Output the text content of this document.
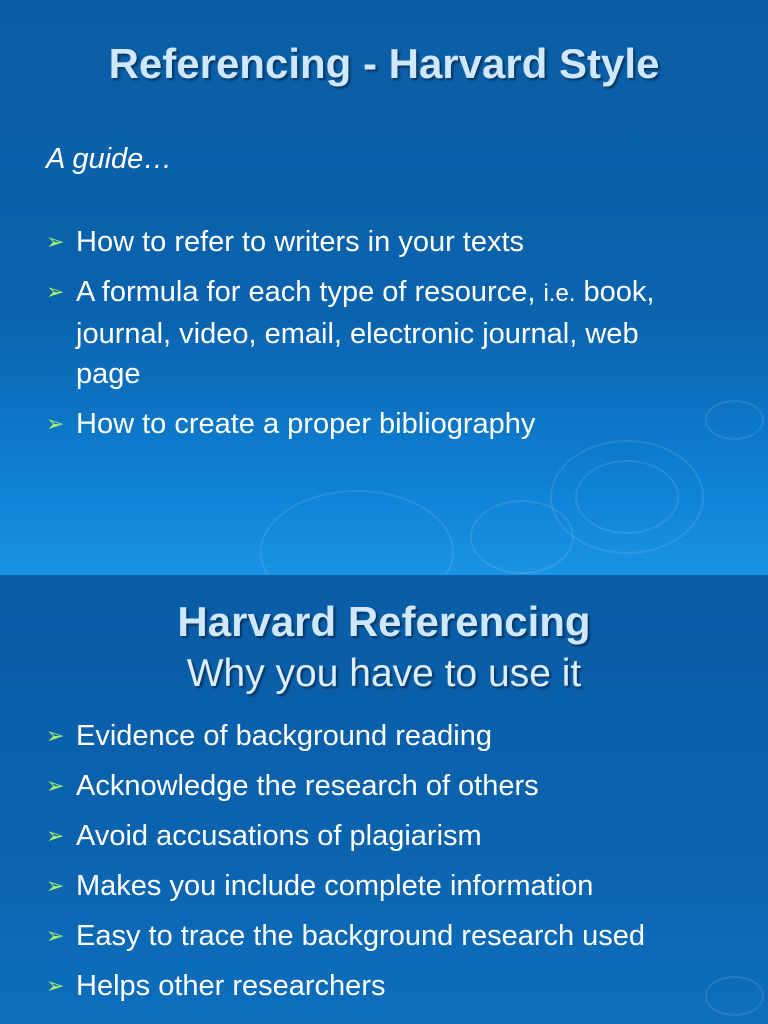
Referencing - Harvard Style
A guide…
➢ How to refer to writers in your texts
➢ A formula for each type of resource, i.e. book, journal, video, email, electronic journal, web page
➢ How to create a proper bibliography
Harvard Referencing
Why you have to use it
➢ Evidence of background reading
➢ Acknowledge the research of others
➢ Avoid accusations of plagiarism
➢ Makes you include complete information
➢ Easy to trace the background research used
➢ Helps other researchers
